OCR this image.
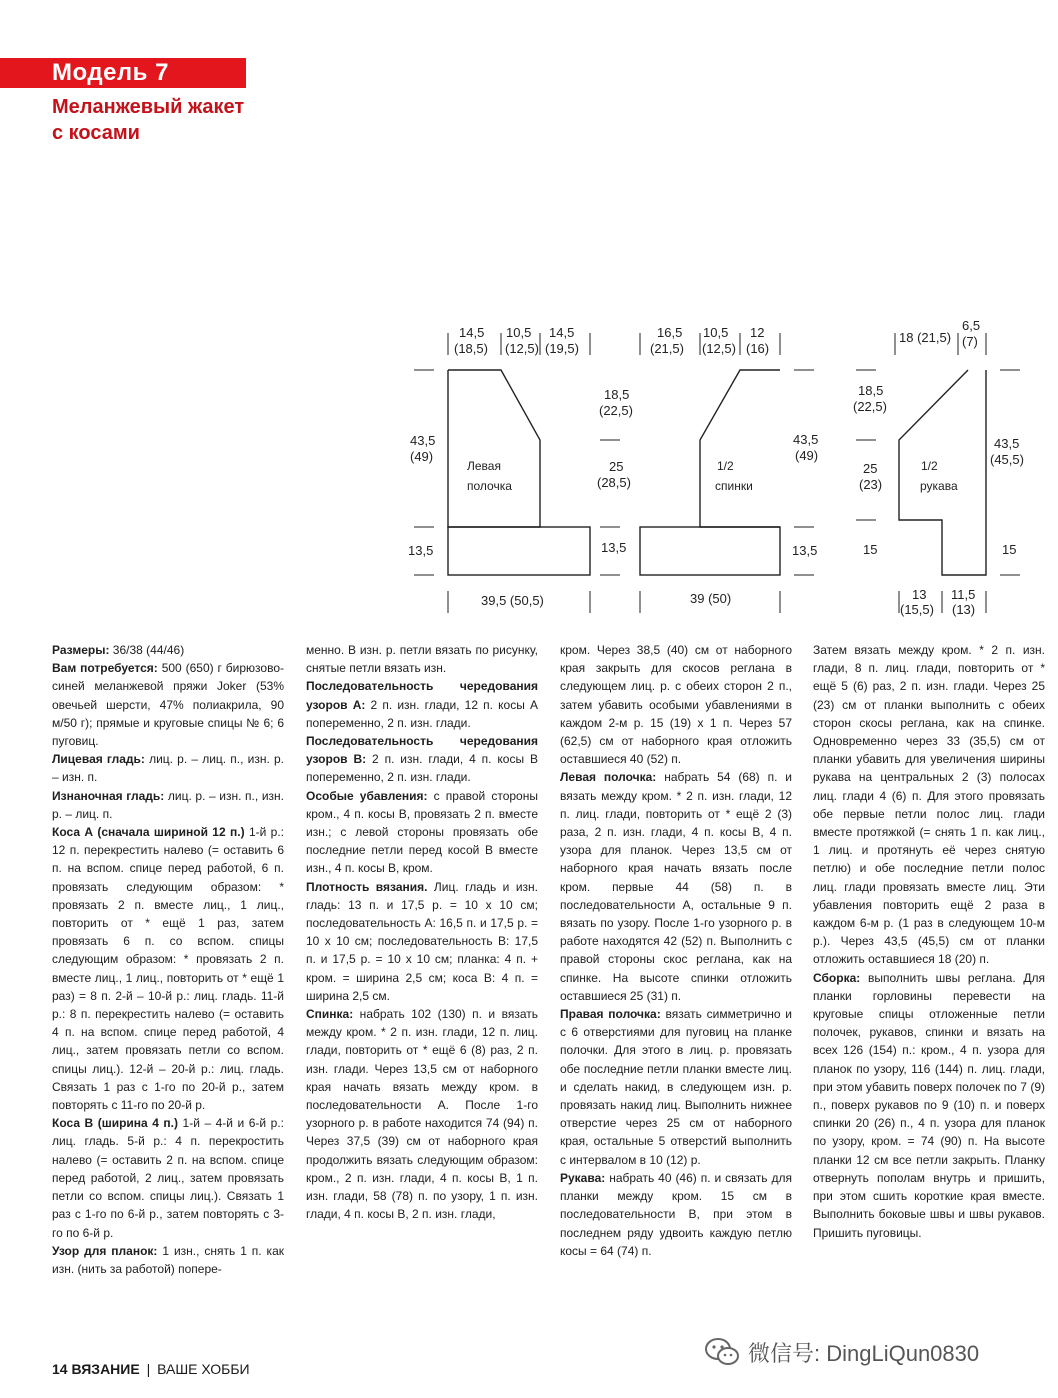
Модель 7
Меланжевый жакет
с косами
14,5
(18,5)
10,5
(12,5)
14,5
(19,5)
43,5
(49)
18,5
(22,5)
25
(28,5)
13,5	13,5
39,5 (50,5)
Левая
полочка
16,5
(21,5)
10,5
(12,5)
12
(16)
43,5
(49)
13,5
39 (50)
1/2
спинки
18 (21,5)
6,5
(7)
18,5
(22,5)
25
(23)
43,5
(45,5)
15	15
13
(15,5)
11,5
(13)
1/2
рукава

Размеры: 36/38 (44/46)

Вам потребуется: 500 (650) г бирюзово-синей меланжевой пряжи Joker (53% овечьей шерсти, 47% полиакрила, 90 м/50 г); прямые и круговые спицы № 6; 6 пуговиц.

Лицевая гладь: лиц. р. – лиц. п., изн. р. – изн. п.

Изнаночная гладь: лиц. р. – изн. п., изн. р. – лиц. п.

Коса А (сначала шириной 12 п.) 1-й р.: 12 п. перекрестить налево (= оставить 6 п. на вспом. спице перед работой, 6 п. провязать следующим образом: * провязать 2 п. вместе лиц., 1 лиц., повторить от * ещё 1 раз, затем провязать 6 п. со вспом. спицы следующим образом: * провязать 2 п. вместе лиц., 1 лиц., повторить от * ещё 1 раз) = 8 п. 2-й – 10-й р.: лиц. гладь. 11-й р.: 8 п. перекрестить налево (= оставить 4 п. на вспом. спице перед работой, 4 лиц., затем провязать петли со вспом. спицы лиц.). 12-й – 20-й р.: лиц. гладь. Связать 1 раз с 1-го по 20-й р., затем повторять с 11-го по 20-й р.

Коса В (ширина 4 п.) 1-й – 4-й и 6-й р.: лиц. гладь. 5-й р.: 4 п. перекростить налево (= оставить 2 п. на вспом. спице перед работой, 2 лиц., затем провязать петли со вспом. спицы лиц.). Связать 1 раз с 1-го по 6-й р., затем повторять с 3-го по 6-й р.

Узор для планок: 1 изн., снять 1 п. как изн. (нить за работой) попере-

менно. В изн. р. петли вязать по рисунку, снятые петли вязать изн.

Последовательность чередования узоров А: 2 п. изн. глади, 12 п. косы А попеременно, 2 п. изн. глади.

Последовательность чередования узоров В: 2 п. изн. глади, 4 п. косы В попеременно, 2 п. изн. глади.

Особые убавления: с правой стороны кром., 4 п. косы В, провязать 2 п. вместе изн.; с левой стороны провязать обе последние петли перед косой В вместе изн., 4 п. косы В, кром.

Плотность вязания. Лиц. гладь и изн. гладь: 13 п. и 17,5 р. = 10 х 10 см; последовательность А: 16,5 п. и 17,5 р. = 10 х 10 см; последовательность В: 17,5 п. и 17,5 р. = 10 х 10 см; планка: 4 п. + кром. = ширина 2,5 см; коса В: 4 п. = ширина 2,5 см.

Спинка: набрать 102 (130) п. и вязать между кром. * 2 п. изн. глади, 12 п. лиц. глади, повторить от * ещё 6 (8) раз, 2 п. изн. глади. Через 13,5 см от наборного края начать вязать между кром. в последовательности А. После 1-го узорного р. в работе находится 74 (94) п. Через 37,5 (39) см от наборного края продолжить вязать следующим образом: кром., 2 п. изн. глади, 4 п. косы В, 1 п. изн. глади, 58 (78) п. по узору, 1 п. изн. глади, 4 п. косы В, 2 п. изн. глади,

кром. Через 38,5 (40) см от наборного края закрыть для скосов реглана в следующем лиц. р. с обеих сторон 2 п., затем убавить особыми убавлениями в каждом 2-м р. 15 (19) х 1 п. Через 57 (62,5) см от наборного края отложить оставшиеся 40 (52) п.

Левая полочка: набрать 54 (68) п. и вязать между кром. * 2 п. изн. глади, 12 п. лиц. глади, повторить от * ещё 2 (3) раза, 2 п. изн. глади, 4 п. косы В, 4 п. узора для планок. Через 13,5 см от наборного края начать вязать после кром. первые 44 (58) п. в последовательности А, остальные 9 п. вязать по узору. После 1-го узорного р. в работе находятся 42 (52) п. Выполнить с правой стороны скос реглана, как на спинке. На высоте спинки отложить оставшиеся 25 (31) п.

Правая полочка: вязать симметрично и с 6 отверстиями для пуговиц на планке полочки. Для этого в лиц. р. провязать обе последние петли планки вместе лиц. и сделать накид, в следующем изн. р. провязать накид лиц. Выполнить нижнее отверстие через 25 см от наборного края, остальные 5 отверстий выполнить с интервалом в 10 (12) р.

Рукава: набрать 40 (46) п. и связать для планки между кром. 15 см в последовательности В, при этом в последнем ряду удвоить каждую петлю косы = 64 (74) п.

Затем вязать между кром. * 2 п. изн. глади, 8 п. лиц. глади, повторить от * ещё 5 (6) раз, 2 п. изн. глади. Через 25 (23) см от планки выполнить с обеих сторон скосы реглана, как на спинке. Одновременно через 33 (35,5) см от планки убавить для увеличения ширины рукава на центральных 2 (3) полосах лиц. глади 4 (6) п. Для этого провязать обе первые петли полос лиц. глади вместе протяжкой (= снять 1 п. как лиц., 1 лиц. и протянуть её через снятую петлю) и обе последние петли полос лиц. глади провязать вместе лиц. Эти убавления повторить ещё 2 раза в каждом 6-м р. (1 раз в следующем 10-м р.). Через 43,5 (45,5) см от планки отложить оставшиеся 18 (20) п.

Сборка: выполнить швы реглана. Для планки горловины перевести на круговые спицы отложенные петли полочек, рукавов, спинки и вязать на всех 126 (154) п.: кром., 4 п. узора для планок по узору, 116 (144) п. лиц. глади, при этом убавить поверх полочек по 7 (9) п., поверх рукавов по 9 (10) п. и поверх спинки 20 (26) п., 4 п. узора для планок по узору, кром. = 74 (90) п. На высоте планки 12 см все петли закрыть. Планку отвернуть пополам внутрь и пришить, при этом сшить короткие края вместе. Выполнить боковые швы и швы рукавов. Пришить пуговицы.

14 ВЯЗАНИЕ | ВАШЕ ХОББИ
微信号: DingLiQun0830
